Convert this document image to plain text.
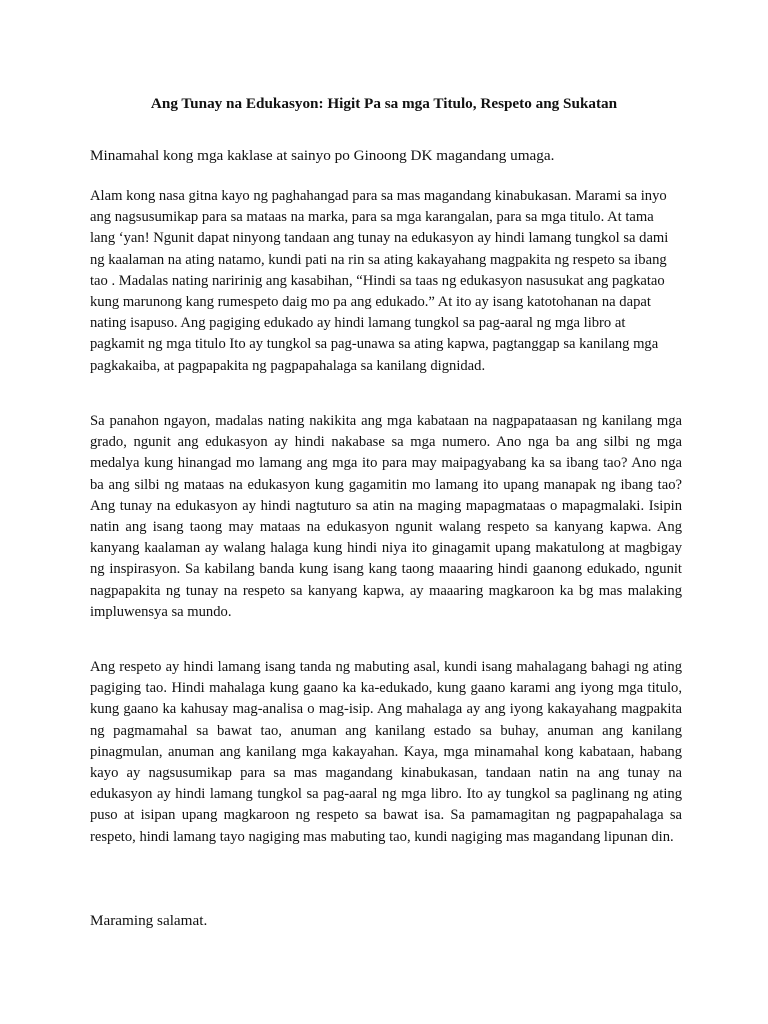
Ang Tunay na Edukasyon: Higit Pa sa mga Titulo, Respeto ang Sukatan

Minamahal kong mga kaklase at sainyo po Ginoong DK magandang umaga.

Alam kong nasa gitna kayo ng paghahangad para sa mas magandang kinabukasan. Marami sa inyo ang nagsusumikap para sa mataas na marka, para sa mga karangalan, para sa mga titulo. At tama lang ‘yan! Ngunit dapat ninyong tandaan ang tunay na edukasyon ay hindi lamang tungkol sa dami ng kaalaman na ating natamo, kundi pati na rin sa ating kakayahang magpakita ng respeto sa ibang tao . Madalas nating naririnig ang kasabihan, “Hindi sa taas ng edukasyon nasusukat ang pagkatao kung marunong kang rumespeto daig mo pa ang edukado.” At ito ay isang katotohanan na dapat nating isapuso. Ang pagiging edukado ay hindi lamang tungkol sa pag-aaral ng mga libro at pagkamit ng mga titulo Ito ay tungkol sa pag-unawa sa ating kapwa, pagtanggap sa kanilang mga pagkakaiba, at pagpapakita ng pagpapahalaga sa kanilang dignidad.

Sa panahon ngayon, madalas nating nakikita ang mga kabataan na nagpapataasan ng kanilang mga grado, ngunit ang edukasyon ay hindi nakabase sa mga numero. Ano nga ba ang silbi ng mga medalya kung hinangad mo lamang ang mga ito para may maipagyabang ka sa ibang tao? Ano nga ba ang silbi ng mataas na edukasyon kung gagamitin mo lamang ito upang manapak ng ibang tao? Ang tunay na edukasyon ay hindi nagtuturo sa atin na maging mapagmataas o mapagmalaki. Isipin natin ang isang taong may mataas na edukasyon ngunit walang respeto sa kanyang kapwa. Ang kanyang kaalaman ay walang halaga kung hindi niya ito ginagamit upang makatulong at magbigay ng inspirasyon. Sa kabilang banda kung isang kang taong maaaring hindi gaanong edukado, ngunit nagpapakita ng tunay na respeto sa kanyang kapwa, ay maaaring magkaroon ka bg mas malaking impluwensya sa mundo.

Ang respeto ay hindi lamang isang tanda ng mabuting asal, kundi isang mahalagang bahagi ng ating pagiging tao. Hindi mahalaga kung gaano ka ka-edukado, kung gaano karami ang iyong mga titulo, kung gaano ka kahusay mag-analisa o mag-isip. Ang mahalaga ay ang iyong kakayahang magpakita ng pagmamahal sa bawat tao, anuman ang kanilang estado sa buhay, anuman ang kanilang pinagmulan, anuman ang kanilang mga kakayahan. Kaya, mga minamahal kong kabataan, habang kayo ay nagsusumikap para sa mas magandang kinabukasan, tandaan natin na ang tunay na edukasyon ay hindi lamang tungkol sa pag-aaral ng mga libro. Ito ay tungkol sa paglinang ng ating puso at isipan upang magkaroon ng respeto sa bawat isa. Sa pamamagitan ng pagpapahalaga sa respeto, hindi lamang tayo nagiging mas mabuting tao, kundi nagiging mas magandang lipunan din.

Maraming salamat.
